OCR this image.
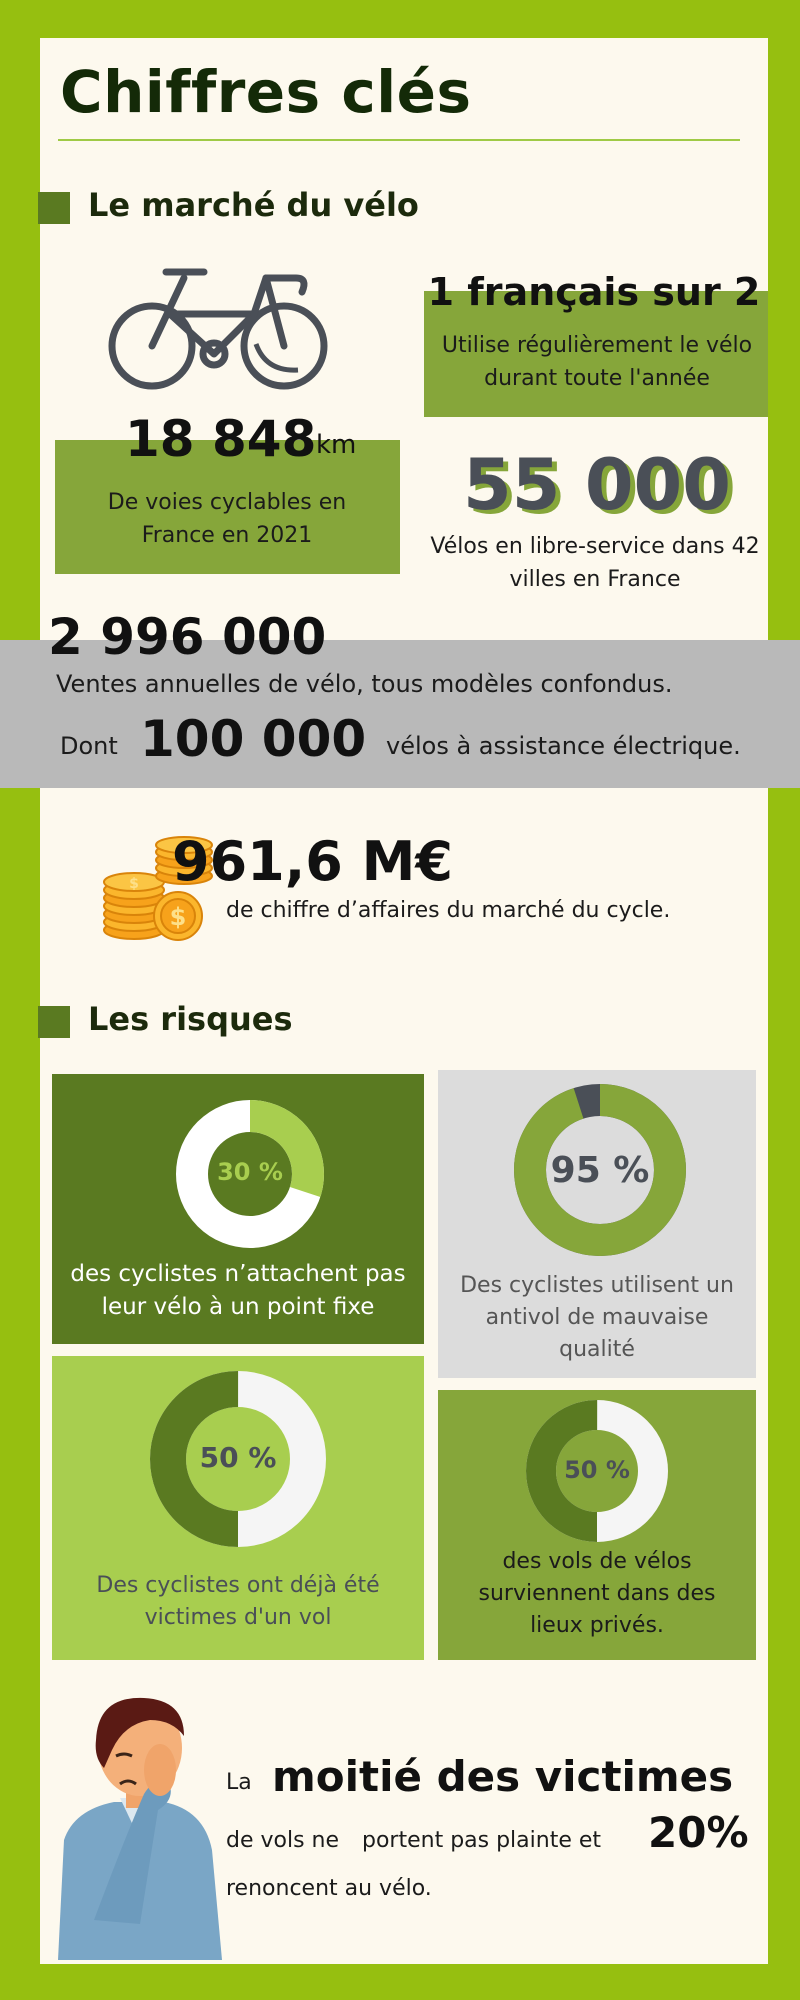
Chiffres clés
Le marché du vélo
1 français sur 2
Utilise régulièrement le vélo durant toute l'année
18 848 km
De voies cyclables en France en 2021
55 000
Vélos en libre-service dans 42 villes en France
2 996 000
Ventes annuelles de vélo, tous modèles confondus.
Dont 100 000 vélos à assistance électrique.
$
$ 961,6 M€
de chiffre d’affaires du marché du cycle.
Les risques
30 %
des cyclistes n’attachent pas leur vélo à un point fixe
95 %
Des cyclistes utilisent un antivol de mauvaise qualité
50 %
Des cyclistes ont déjà été victimes d'un vol
50 %
des vols de vélos surviennent dans des lieux privés.
La moitié des victimes
de vols ne portent pas plainte et 20%
renoncent au vélo.
